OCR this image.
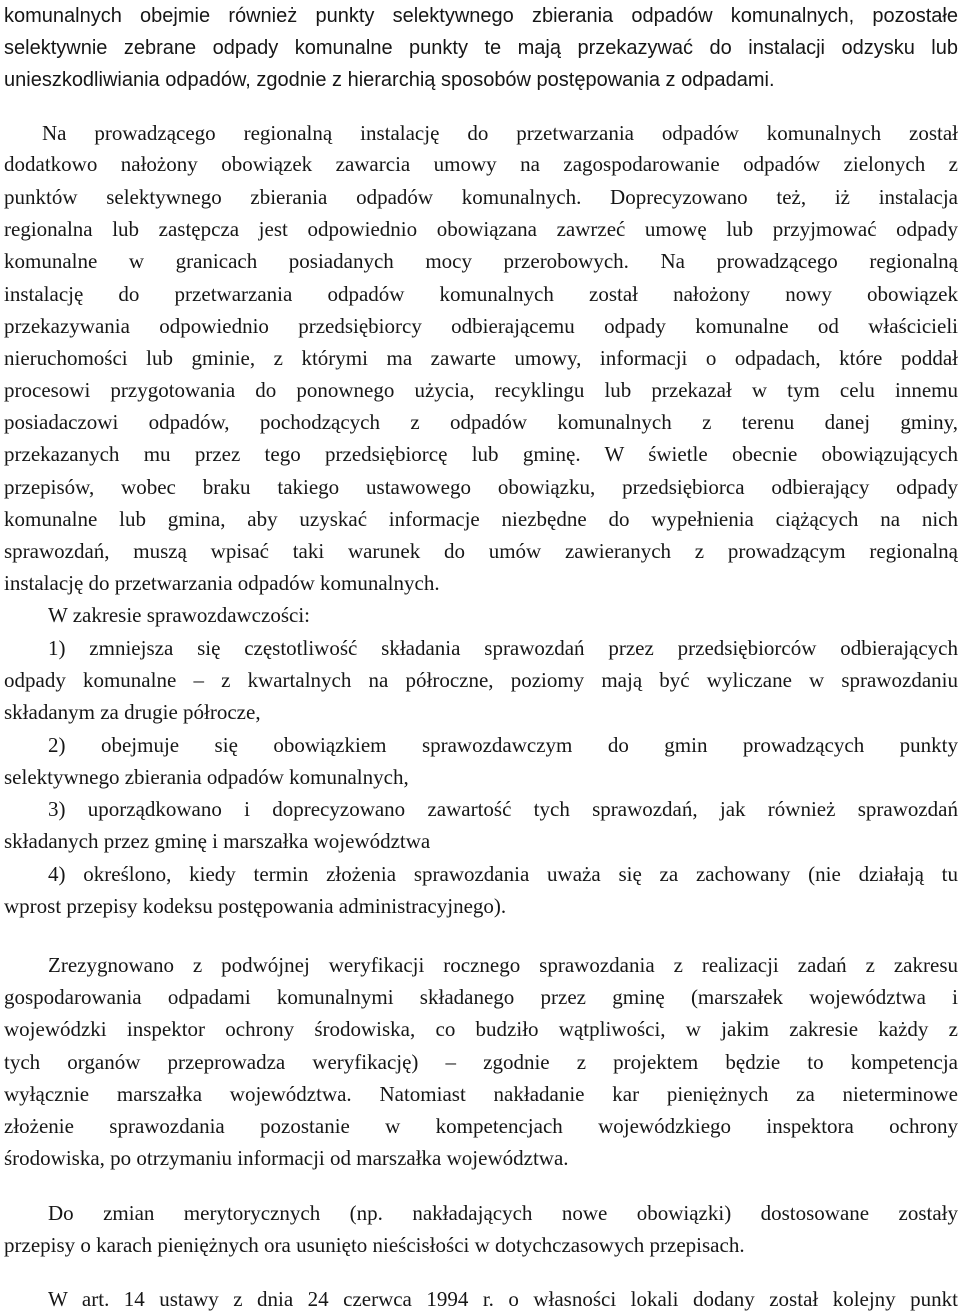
komunalnych obejmie również punkty selektywnego zbierania odpadów komunalnych, pozostałe
selektywnie zebrane odpady komunalne punkty te mają przekazywać do instalacji odzysku lub
unieszkodliwiania odpadów, zgodnie z hierarchią sposobów postępowania z odpadami.
Na prowadzącego regionalną instalację do przetwarzania odpadów komunalnych został
dodatkowo nałożony obowiązek zawarcia umowy na zagospodarowanie odpadów zielonych z
punktów selektywnego zbierania odpadów komunalnych. Doprecyzowano też, iż instalacja
regionalna lub zastępcza jest odpowiednio obowiązana zawrzeć umowę lub przyjmować odpady
komunalne w granicach posiadanych mocy przerobowych. Na prowadzącego regionalną
instalację do przetwarzania odpadów komunalnych został nałożony nowy obowiązek
przekazywania odpowiednio przedsiębiorcy odbierającemu odpady komunalne od właścicieli
nieruchomości lub gminie, z którymi ma zawarte umowy, informacji o odpadach, które poddał
procesowi przygotowania do ponownego użycia, recyklingu lub przekazał w tym celu innemu
posiadaczowi odpadów, pochodzących z odpadów komunalnych z terenu danej gminy,
przekazanych mu przez tego przedsiębiorcę lub gminę. W świetle obecnie obowiązujących
przepisów, wobec braku takiego ustawowego obowiązku, przedsiębiorca odbierający odpady
komunalne lub gmina, aby uzyskać informacje niezbędne do wypełnienia ciążących na nich
sprawozdań, muszą wpisać taki warunek do umów zawieranych z prowadzącym regionalną
instalację do przetwarzania odpadów komunalnych.
W zakresie sprawozdawczości:
1) zmniejsza się częstotliwość składania sprawozdań przez przedsiębiorców odbierających
odpady komunalne – z kwartalnych na półroczne, poziomy mają być wyliczane w sprawozdaniu
składanym za drugie półrocze,
2) obejmuje się obowiązkiem sprawozdawczym do gmin prowadzących punkty
selektywnego zbierania odpadów komunalnych,
3) uporządkowano i doprecyzowano zawartość tych sprawozdań, jak również sprawozdań
składanych przez gminę i marszałka województwa
4) określono, kiedy termin złożenia sprawozdania uważa się za zachowany (nie działają tu
wprost przepisy kodeksu postępowania administracyjnego).
Zrezygnowano z podwójnej weryfikacji rocznego sprawozdania z realizacji zadań z zakresu
gospodarowania odpadami komunalnymi składanego przez gminę (marszałek województwa i
wojewódzki inspektor ochrony środowiska, co budziło wątpliwości, w jakim zakresie każdy z
tych organów przeprowadza weryfikację) – zgodnie z projektem będzie to kompetencja
wyłącznie marszałka województwa. Natomiast nakładanie kar pieniężnych za nieterminowe
złożenie sprawozdania pozostanie w kompetencjach wojewódzkiego inspektora ochrony
środowiska, po otrzymaniu informacji od marszałka województwa.
Do zmian merytorycznych (np. nakładających nowe obowiązki) dostosowane zostały
przepisy o karach pieniężnych ora usunięto nieścisłości w dotychczasowych przepisach.
W art. 14 ustawy z dnia 24 czerwca 1994 r. o własności lokali dodany został kolejny punkt
